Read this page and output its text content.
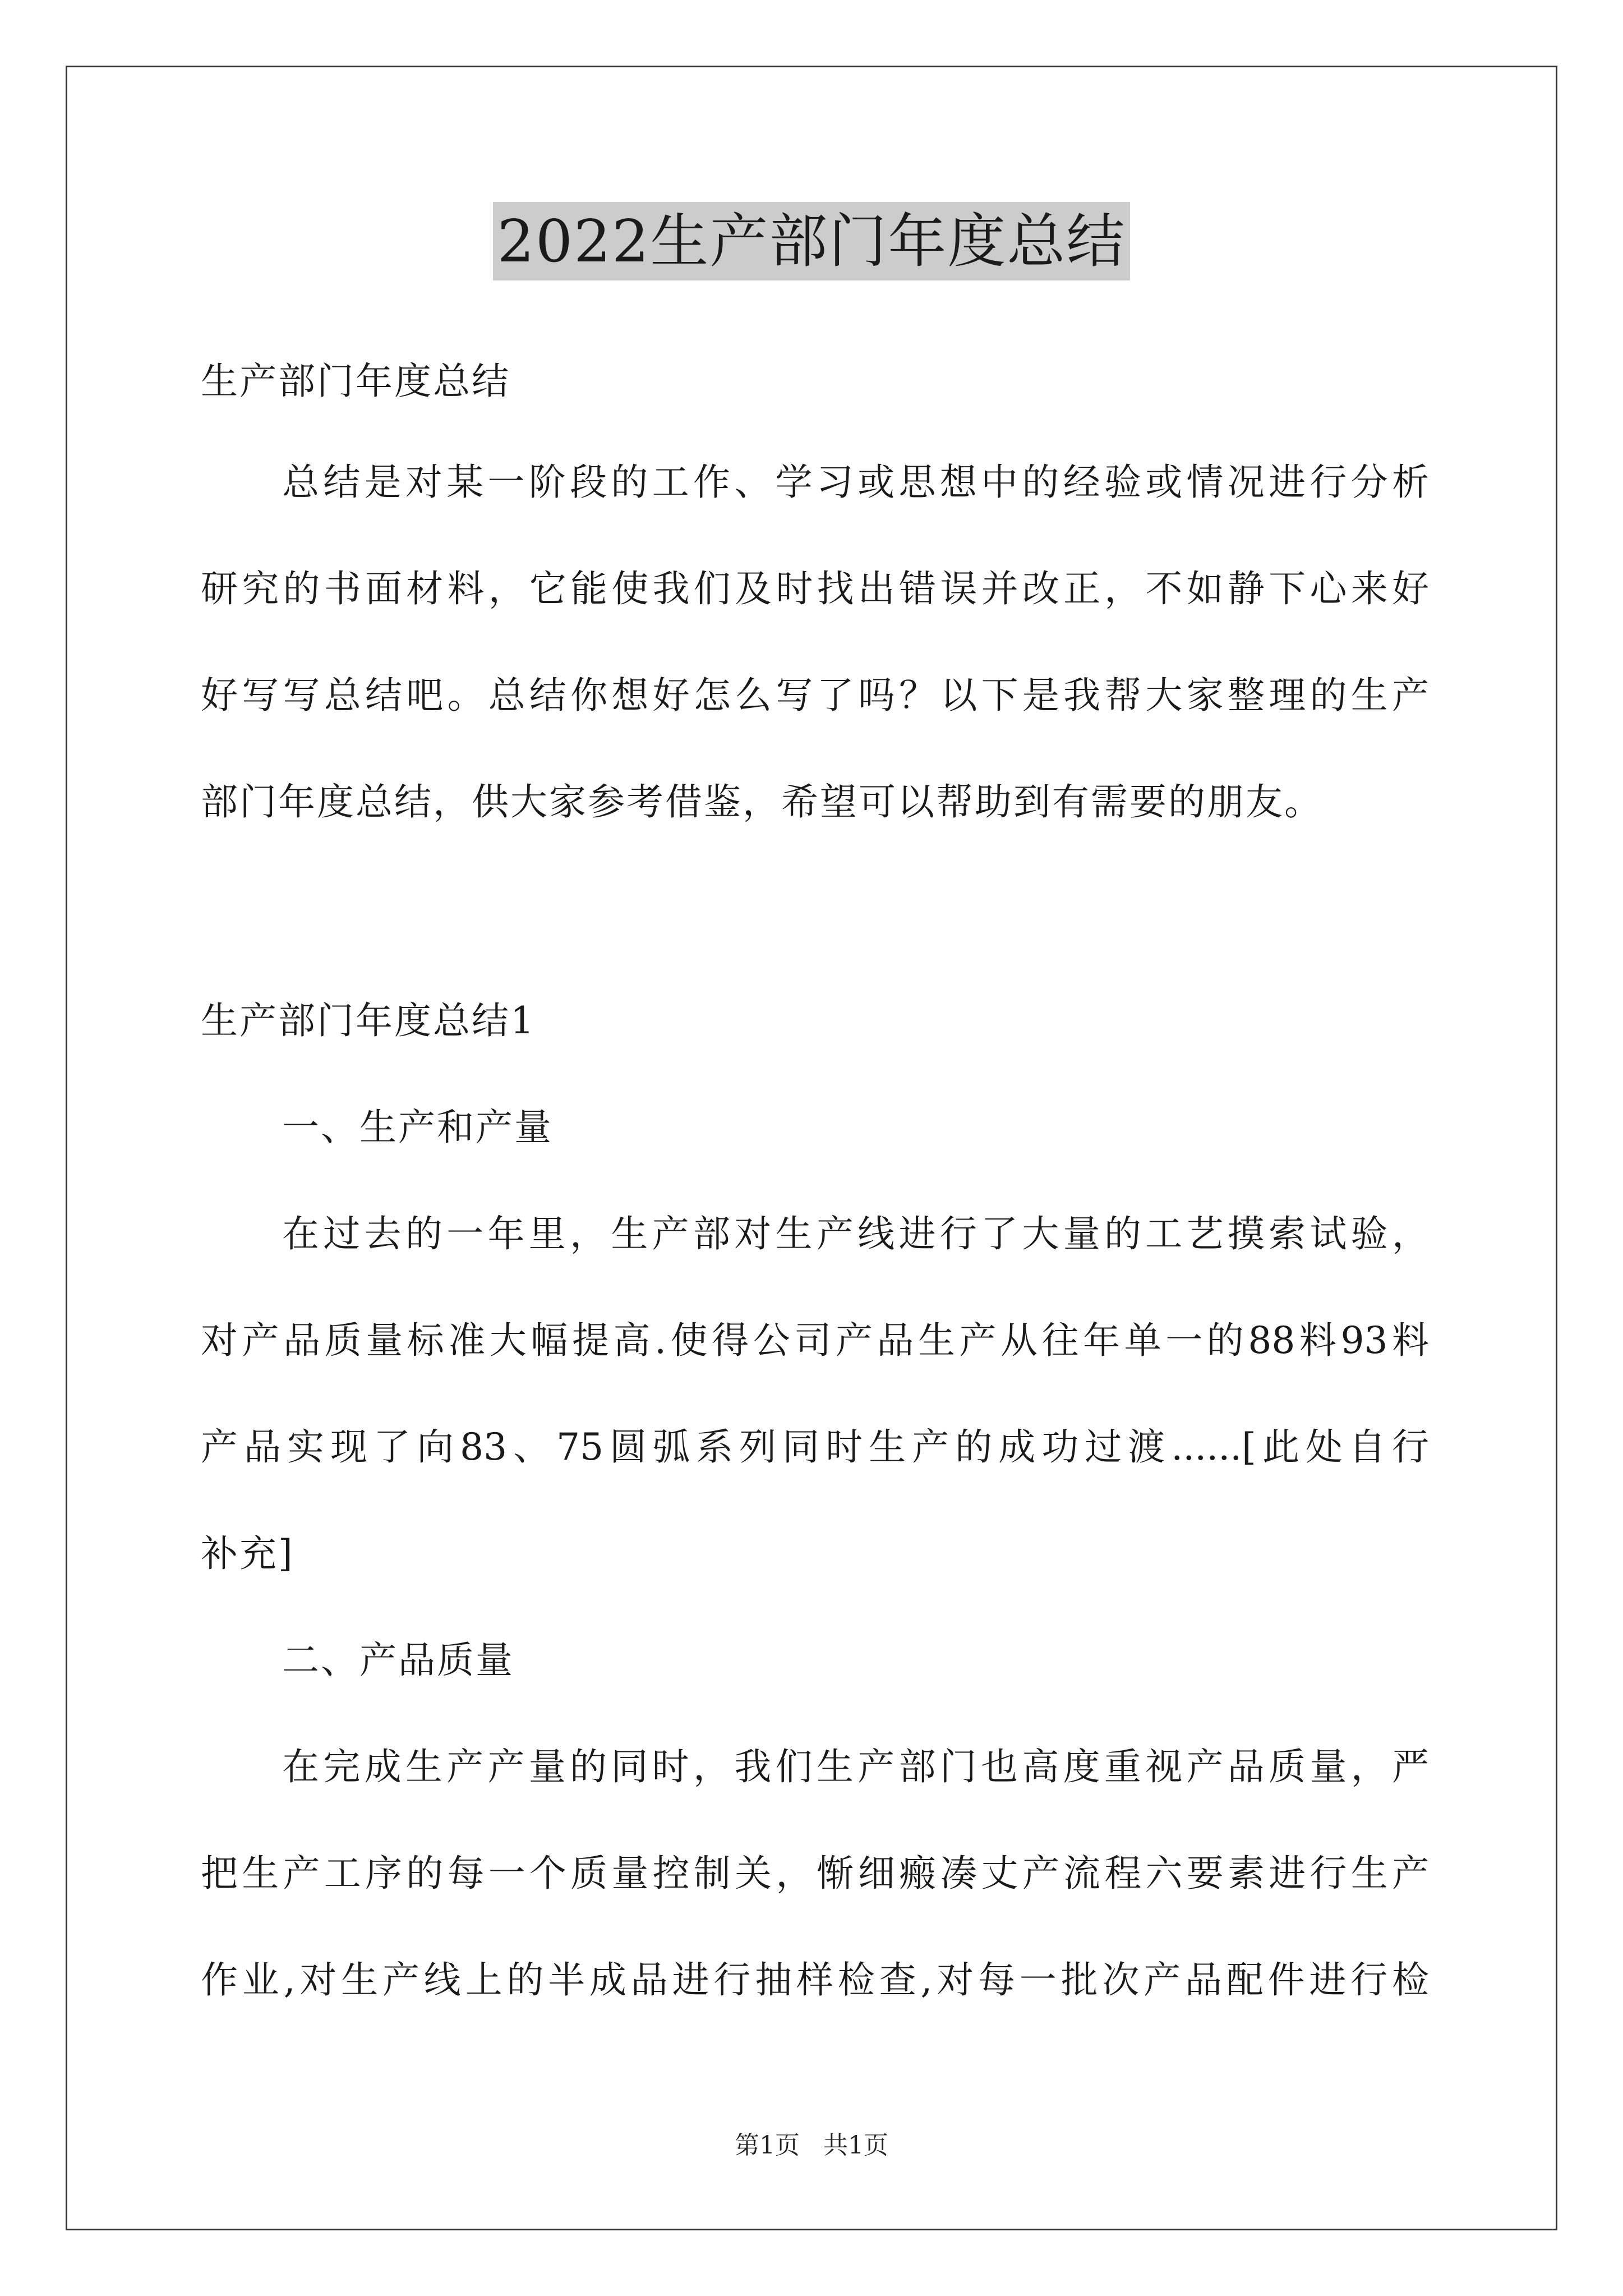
2022生产部门年度总结
生产部门年度总结
总结是对某一阶段的工作、学习或思想中的经验或情况进行分析
研究的书面材料，它能使我们及时找出错误并改正，不如静下心来好
好写写总结吧。总结你想好怎么写了吗？以下是我帮大家整理的生产
部门年度总结，供大家参考借鉴，希望可以帮助到有需要的朋友。
生产部门年度总结1
一、生产和产量
在过去的一年里，生产部对生产线进行了大量的工艺摸索试验，
对产品质量标准大幅提高.使得公司产品生产从往年单一的88料93料
产品实现了向83、75圆弧系列同时生产的成功过渡......[此处自行
补充]
二、产品质量
在完成生产产量的同时，我们生产部门也高度重视产品质量，严
把生产工序的每一个质量控制关，惭细瘢凑丈产流程六要素进行生产
作业,对生产线上的半成品进行抽样检查,对每一批次产品配件进行检
第1页 共1页
